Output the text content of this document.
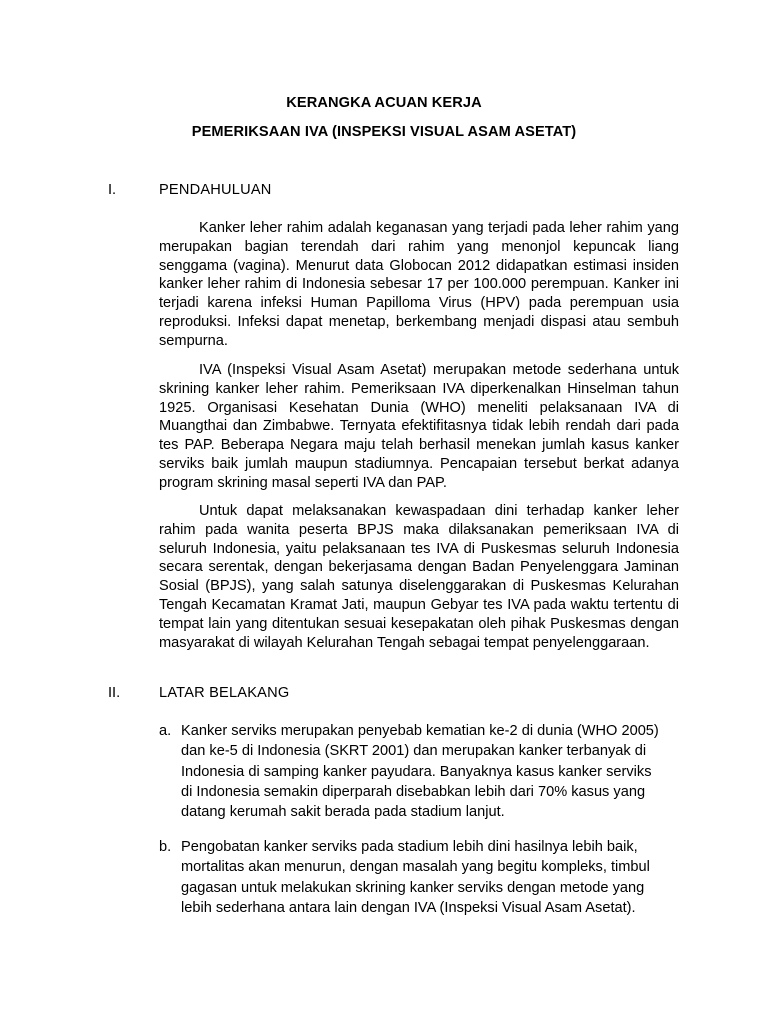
KERANGKA ACUAN KERJA
PEMERIKSAAN IVA (INSPEKSI VISUAL ASAM ASETAT)
I.	PENDAHULUAN

Kanker leher rahim adalah keganasan yang terjadi pada leher rahim yang merupakan bagian terendah dari rahim yang menonjol kepuncak liang senggama (vagina). Menurut data Globocan 2012 didapatkan estimasi insiden kanker leher rahim di Indonesia sebesar 17 per 100.000 perempuan. Kanker ini terjadi karena infeksi Human Papilloma Virus (HPV) pada perempuan usia reproduksi. Infeksi dapat menetap, berkembang menjadi dispasi atau sembuh sempurna.

IVA (Inspeksi Visual Asam Asetat) merupakan metode sederhana untuk skrining kanker leher rahim. Pemeriksaan IVA diperkenalkan Hinselman tahun 1925. Organisasi Kesehatan Dunia (WHO) meneliti pelaksanaan IVA di Muangthai dan Zimbabwe. Ternyata efektifitasnya tidak lebih rendah dari pada tes PAP. Beberapa Negara maju telah berhasil menekan jumlah kasus kanker serviks baik jumlah maupun stadiumnya. Pencapaian tersebut berkat adanya program skrining masal seperti IVA dan PAP.

Untuk dapat melaksanakan kewaspadaan dini terhadap kanker leher rahim pada wanita peserta BPJS maka dilaksanakan pemeriksaan IVA di seluruh Indonesia, yaitu pelaksanaan tes IVA di Puskesmas seluruh Indonesia secara serentak, dengan bekerjasama dengan Badan Penyelenggara Jaminan Sosial (BPJS), yang salah satunya diselenggarakan di Puskesmas Kelurahan Tengah Kecamatan Kramat Jati, maupun Gebyar tes IVA pada waktu tertentu di tempat lain yang ditentukan sesuai kesepakatan oleh pihak Puskesmas dengan masyarakat di wilayah Kelurahan Tengah sebagai tempat penyelenggaraan.

II.	LATAR BELAKANG
a. Kanker serviks merupakan penyebab kematian ke-2 di dunia (WHO 2005)
dan ke-5 di Indonesia (SKRT 2001) dan merupakan kanker terbanyak di
Indonesia di samping kanker payudara. Banyaknya kasus kanker serviks
di Indonesia semakin diperparah disebabkan lebih dari 70% kasus yang
datang kerumah sakit berada pada stadium lanjut.
b. Pengobatan kanker serviks pada stadium lebih dini hasilnya lebih baik,
mortalitas akan menurun, dengan masalah yang begitu kompleks, timbul
gagasan untuk melakukan skrining kanker serviks dengan metode yang
lebih sederhana antara lain dengan IVA (Inspeksi Visual Asam Asetat).
